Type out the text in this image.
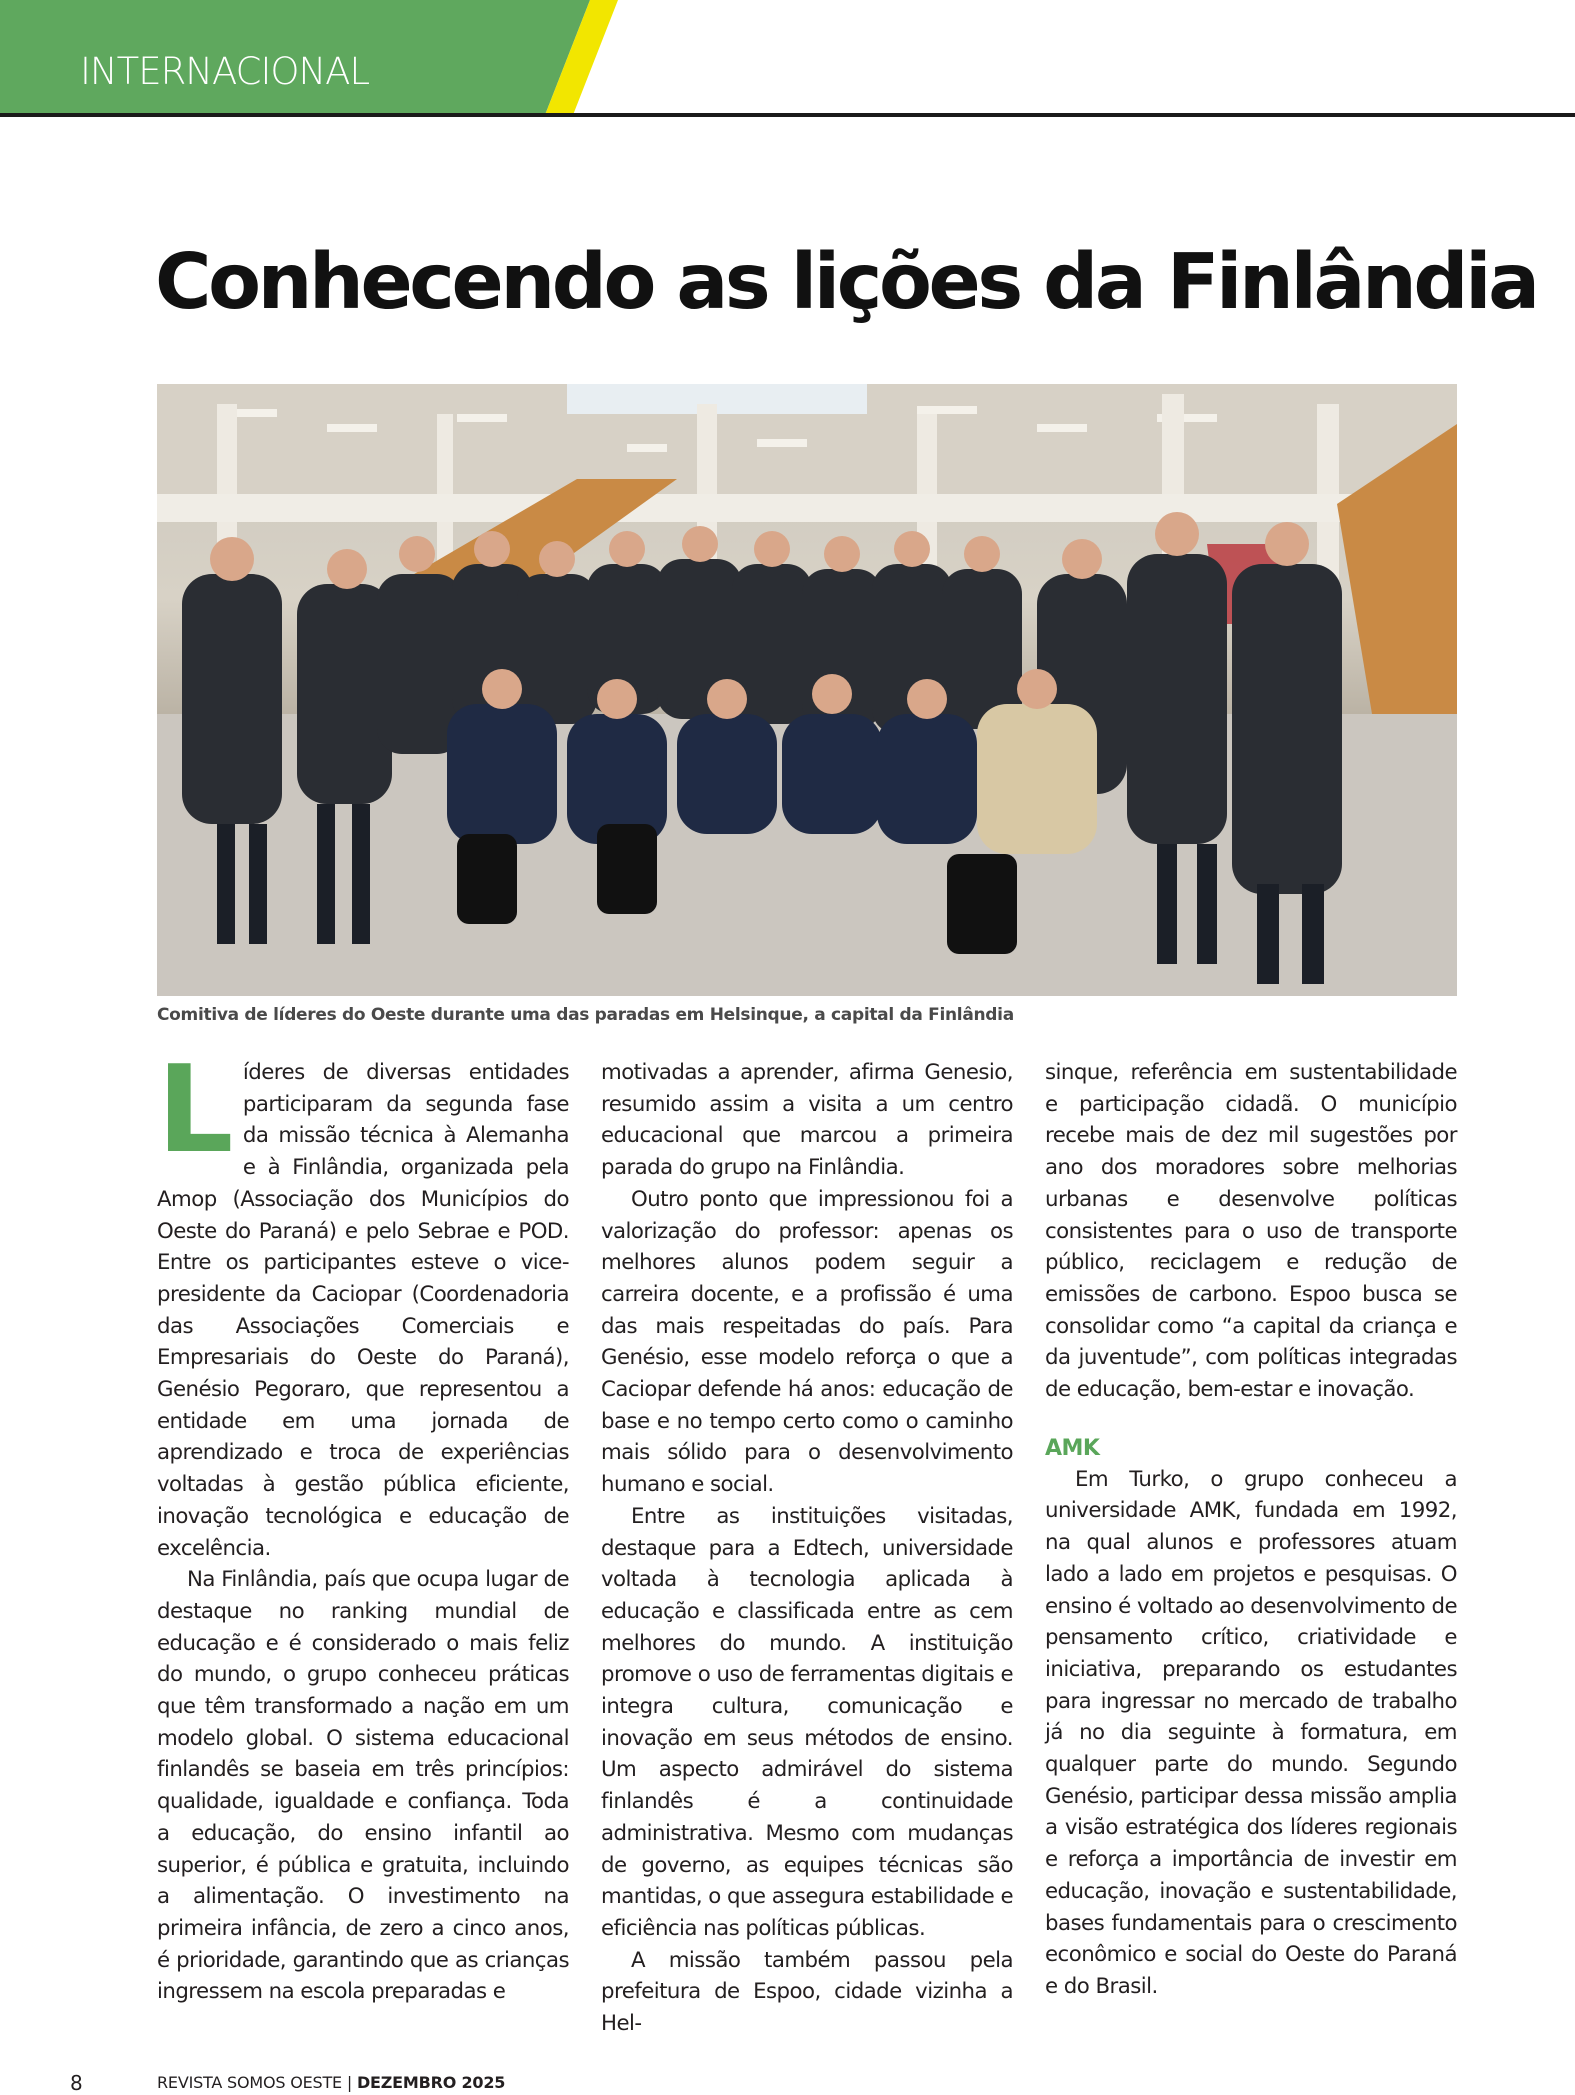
INTERNACIONAL
Conhecendo as lições da Finlândia
Comitiva de líderes do Oeste durante uma das paradas em Helsinque, a capital da Finlândia
L íderes de diversas entidades participaram da segunda fase da missão técnica à Alemanha e à Finlândia, organizada pela Amop (Associação dos Municípios do Oeste do Paraná) e pelo Sebrae e POD. Entre os participantes esteve o vice-presidente da Caciopar (Coordenadoria das Associações Comerciais e Empresariais do Oeste do Paraná), Genésio Pegoraro, que representou a entidade em uma jornada de aprendizado e troca de experiências voltadas à gestão pública eficiente, inovação tecnológica e educação de excelência.

Na Finlândia, país que ocupa lugar de destaque no ranking mundial de educação e é considerado o mais feliz do mundo, o grupo conheceu práticas que têm transformado a nação em um modelo global. O sistema educacional finlandês se baseia em três princípios: qualidade, igualdade e confiança. Toda a educação, do ensino infantil ao superior, é pública e gratuita, incluindo a alimentação. O investimento na primeira infância, de zero a cinco anos, é prioridade, garantindo que as crianças ingressem na escola preparadas e

motivadas a aprender, afirma Genesio, resumido assim a visita a um centro educacional que marcou a primeira parada do grupo na Finlândia.

Outro ponto que impressionou foi a valorização do professor: apenas os melhores alunos podem seguir a carreira docente, e a profissão é uma das mais respeitadas do país. Para Genésio, esse modelo reforça o que a Caciopar defende há anos: educação de base e no tempo certo como o caminho mais sólido para o desenvolvimento humano e social.

Entre as instituições visitadas, destaque para a Edtech, universidade voltada à tecnologia aplicada à educação e classificada entre as cem melhores do mundo. A instituição promove o uso de ferramentas digitais e integra cultura, comunicação e inovação em seus métodos de ensino. Um aspecto admirável do sistema finlandês é a continuidade administrativa. Mesmo com mudanças de governo, as equipes técnicas são mantidas, o que assegura estabilidade e eficiência nas políticas públicas.

A missão também passou pela prefeitura de Espoo, cidade vizinha a Hel-

sinque, referência em sustentabilidade e participação cidadã. O município recebe mais de dez mil sugestões por ano dos moradores sobre melhorias urbanas e desenvolve políticas consistentes para o uso de transporte público, reciclagem e redução de emissões de carbono. Espoo busca se consolidar como “a capital da criança e da juventude”, com políticas integradas de educação, bem-estar e inovação.

AMK

Em Turko, o grupo conheceu a universidade AMK, fundada em 1992, na qual alunos e professores atuam lado a lado em projetos e pesquisas. O ensino é voltado ao desenvolvimento de pensamento crítico, criatividade e iniciativa, preparando os estudantes para ingressar no mercado de trabalho já no dia seguinte à formatura, em qualquer parte do mundo. Segundo Genésio, participar dessa missão amplia a visão estratégica dos líderes regionais e reforça a importância de investir em educação, inovação e sustentabilidade, bases fundamentais para o crescimento econômico e social do Oeste do Paraná e do Brasil.

8	REVISTA SOMOS OESTE | DEZEMBRO 2025
